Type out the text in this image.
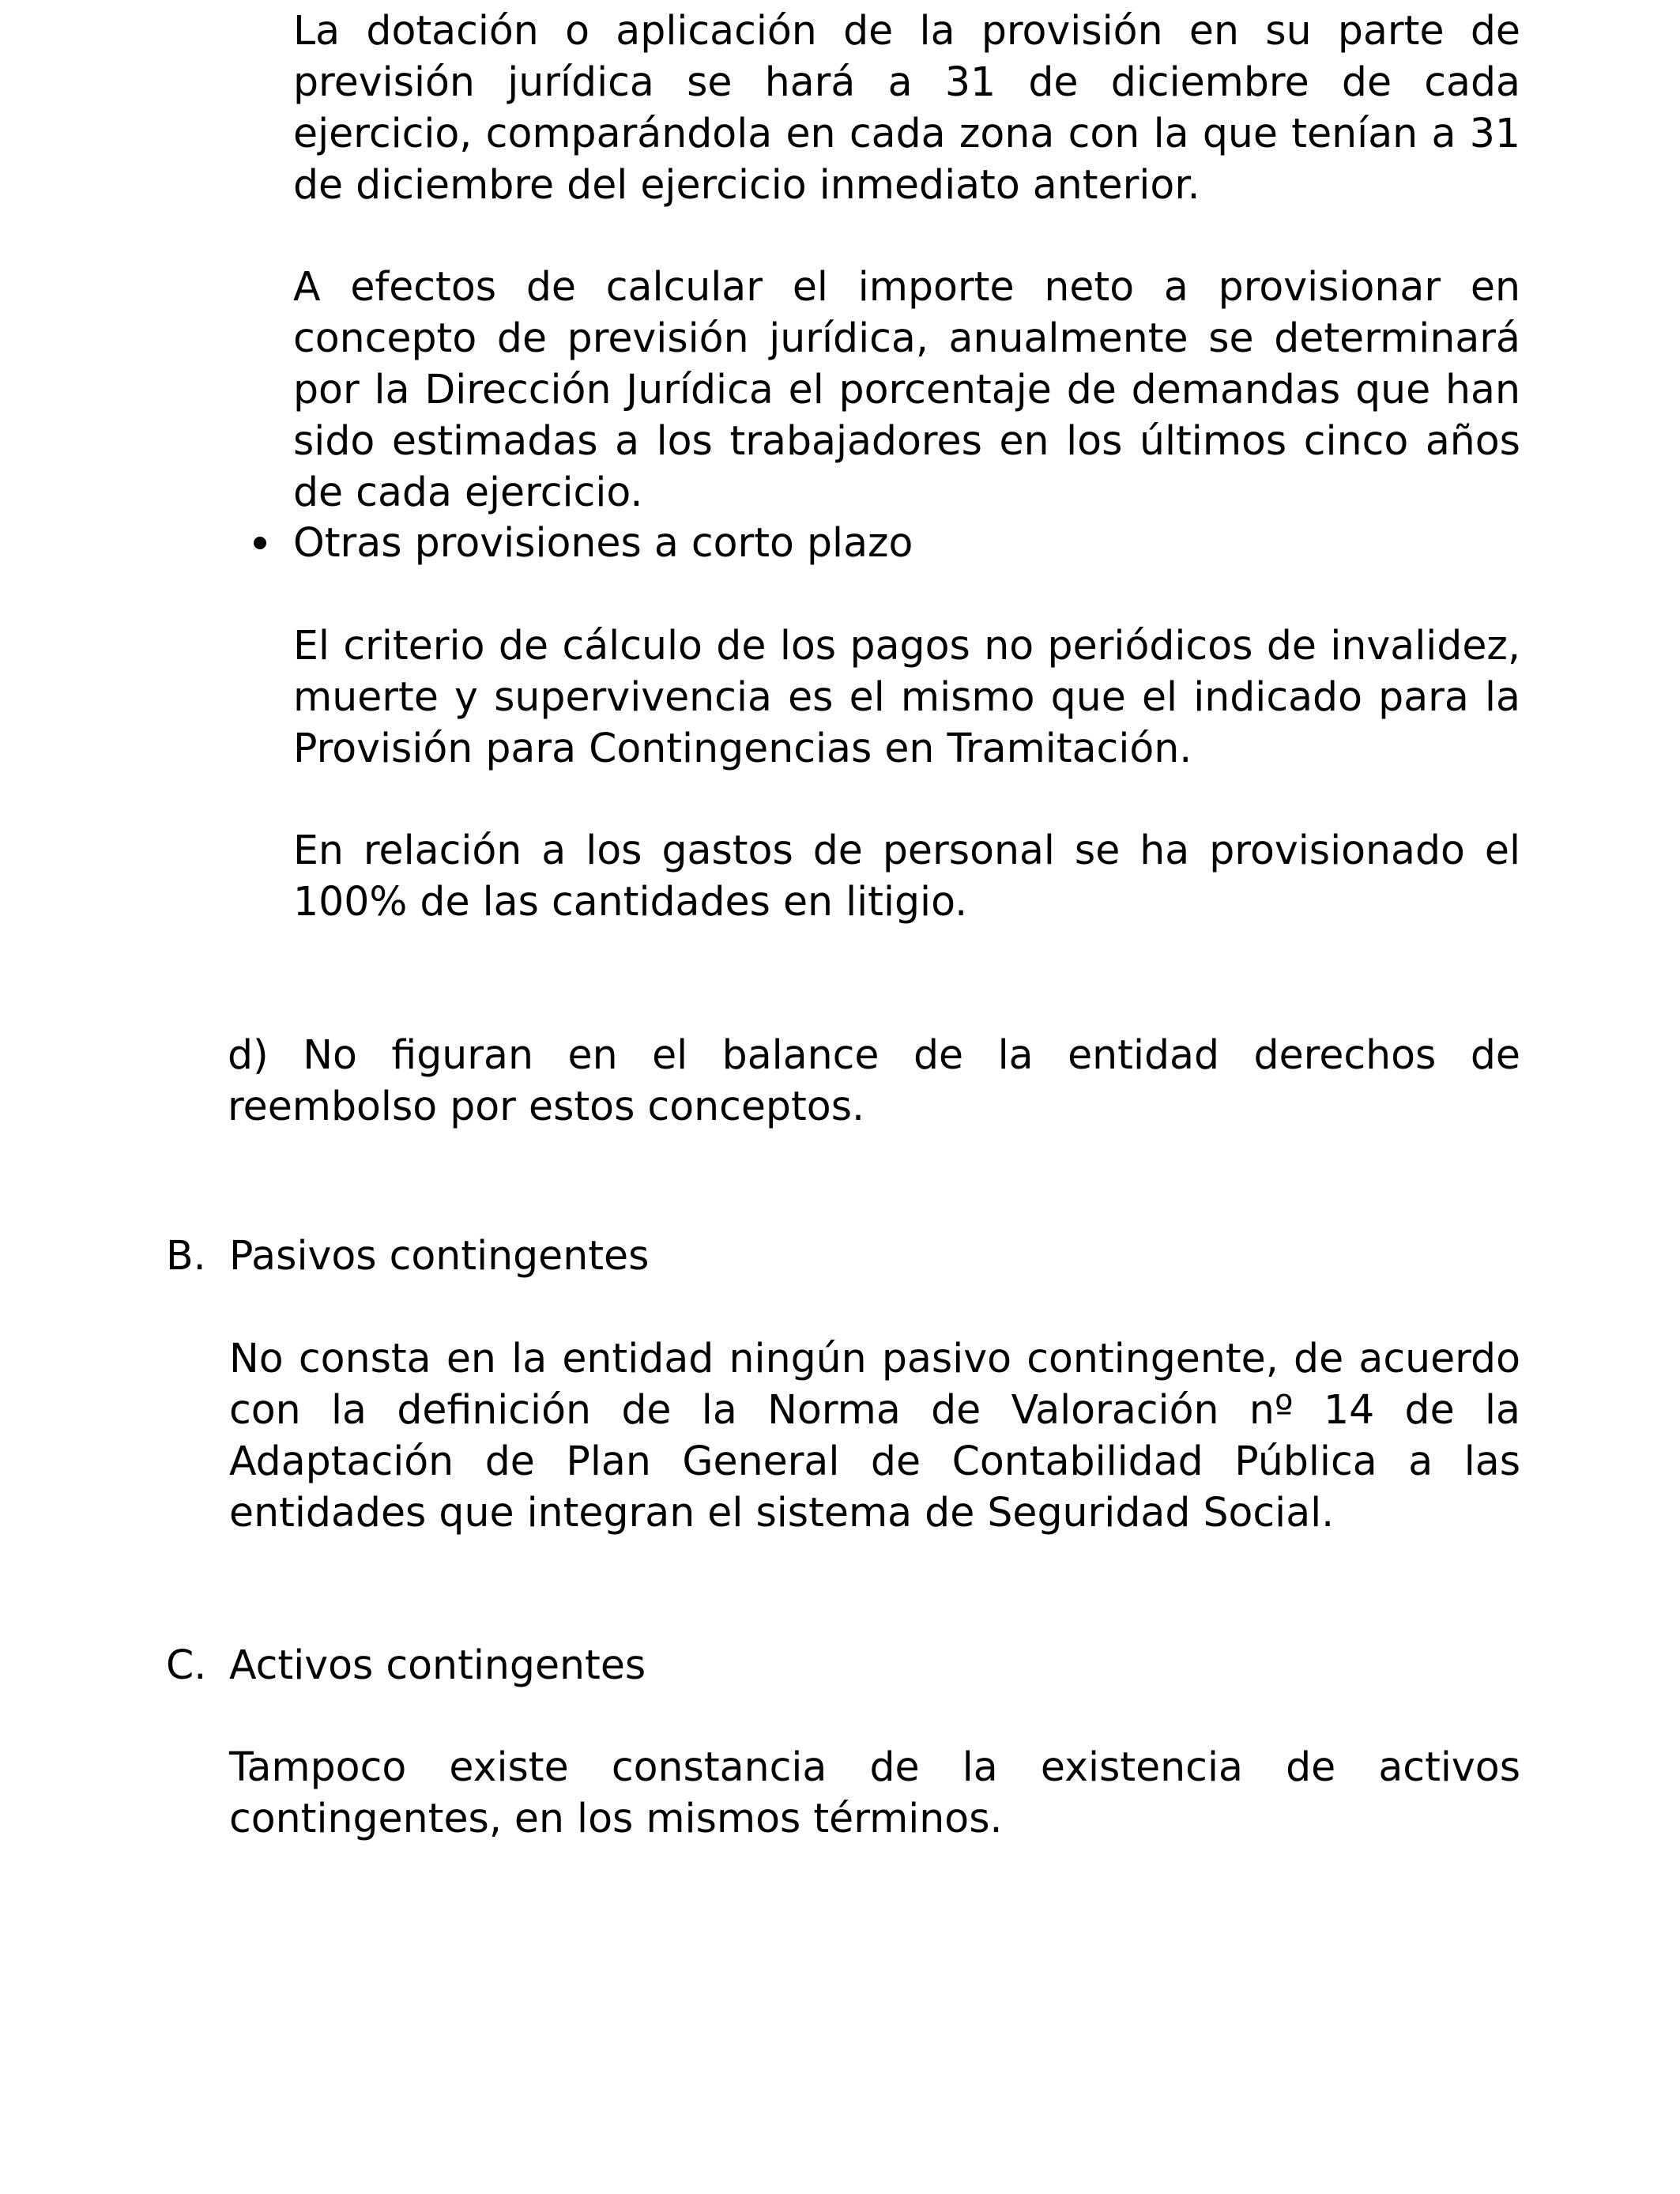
La dotación o aplicación de la provisión en su parte de previsión jurídica se hará a 31 de diciembre de cada ejercicio, comparándola en cada zona con la que tenían a 31 de diciembre del ejercicio inmediato anterior.

A efectos de calcular el importe neto a provisionar en concepto de previsión jurídica, anualmente se determinará por la Dirección Jurídica el porcentaje de demandas que han sido estimadas a los trabajadores en los últimos cinco años de cada ejercicio.

Otras provisiones a corto plazo

El criterio de cálculo de los pagos no periódicos de invalidez, muerte y supervivencia es el mismo que el indicado para la Provisión para Contingencias en Tramitación.

En relación a los gastos de personal se ha provisionado el 100% de las cantidades en litigio.

d) No figuran en el balance de la entidad derechos de reembolso por estos conceptos.

B. Pasivos contingentes

No consta en la entidad ningún pasivo contingente, de acuerdo con la definición de la Norma de Valoración nº 14 de la Adaptación de Plan General de Contabilidad Pública a las entidades que integran el sistema de Seguridad Social.

C. Activos contingentes

Tampoco existe constancia de la existencia de activos contingentes, en los mismos términos.
